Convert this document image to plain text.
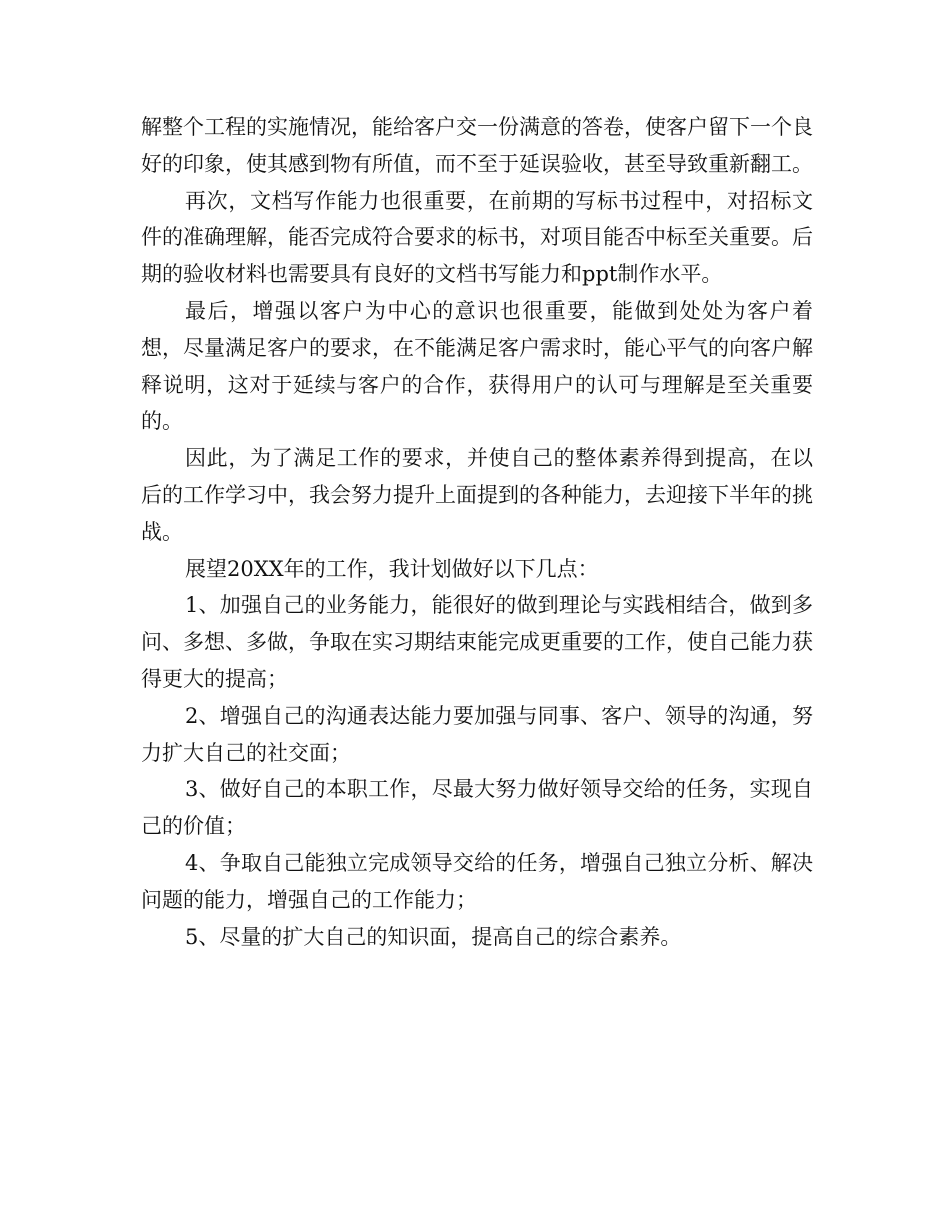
解整个工程的实施情况，能给客户交一份满意的答卷，使客户留下一个良好的印象，使其感到物有所值，而不至于延误验收，甚至导致重新翻工。

再次，文档写作能力也很重要，在前期的写标书过程中，对招标文件的准确理解，能否完成符合要求的标书，对项目能否中标至关重要。后期的验收材料也需要具有良好的文档书写能力和ppt制作水平。

最后，增强以客户为中心的意识也很重要，能做到处处为客户着想，尽量满足客户的要求，在不能满足客户需求时，能心平气的向客户解释说明，这对于延续与客户的合作，获得用户的认可与理解是至关重要的。

因此，为了满足工作的要求，并使自己的整体素养得到提高，在以后的工作学习中，我会努力提升上面提到的各种能力，去迎接下半年的挑战。

展望20XX年的工作，我计划做好以下几点：

1、加强自己的业务能力，能很好的做到理论与实践相结合，做到多问、多想、多做，争取在实习期结束能完成更重要的工作，使自己能力获得更大的提高；

2、增强自己的沟通表达能力要加强与同事、客户、领导的沟通，努力扩大自己的社交面；

3、做好自己的本职工作，尽最大努力做好领导交给的任务，实现自己的价值；

4、争取自己能独立完成领导交给的任务，增强自己独立分析、解决问题的能力，增强自己的工作能力；

5、尽量的扩大自己的知识面，提高自己的综合素养。
